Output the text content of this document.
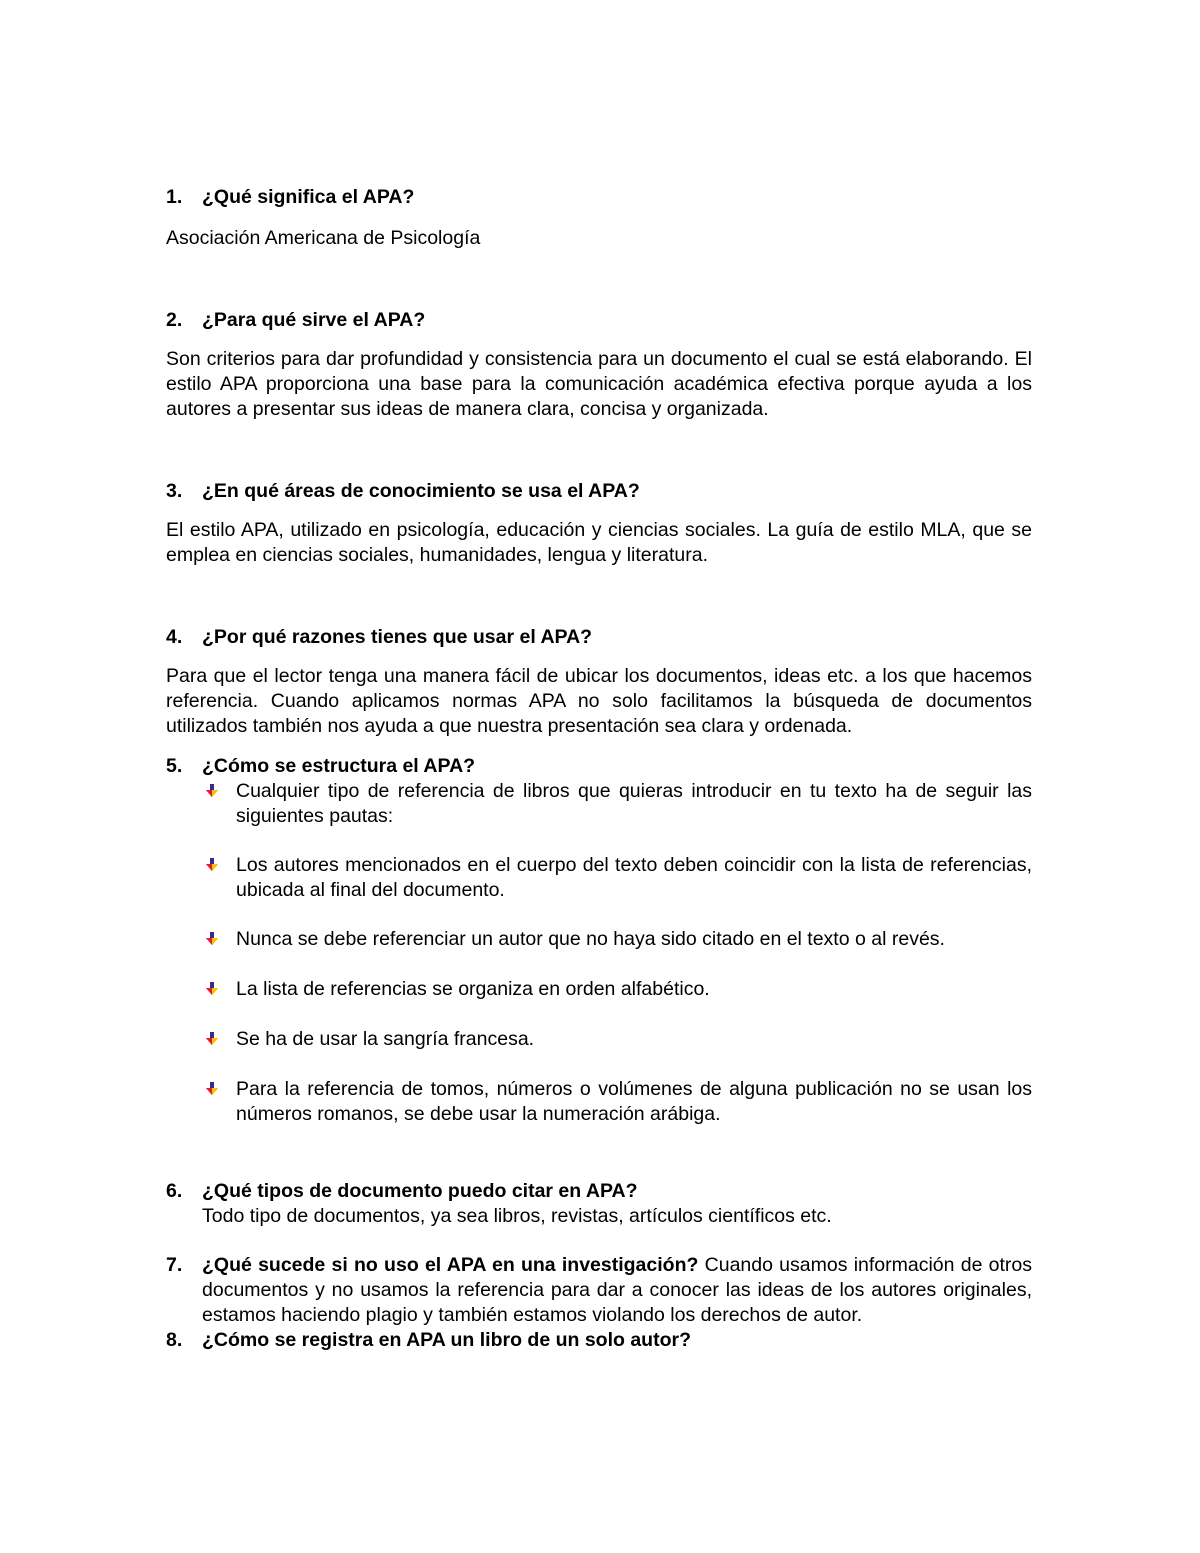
1.	¿Qué significa el APA?
Asociación Americana de Psicología
2.	¿Para qué sirve el APA?
Son criterios para dar profundidad y consistencia para un documento el cual se está elaborando. El estilo APA proporciona una base para la comunicación académica efectiva porque ayuda a los autores a presentar sus ideas de manera clara, concisa y organizada.
3.	¿En qué áreas de conocimiento se usa el APA?
El estilo APA, utilizado en psicología, educación y ciencias sociales. La guía de estilo MLA, que se emplea en ciencias sociales, humanidades, lengua y literatura.
4.	¿Por qué razones tienes que usar el APA?
Para que el lector tenga una manera fácil de ubicar los documentos, ideas etc. a los que hacemos referencia. Cuando aplicamos normas APA no solo facilitamos la búsqueda de documentos utilizados también nos ayuda a que nuestra presentación sea clara y ordenada.
5.	¿Cómo se estructura el APA?
Cualquier tipo de referencia de libros que quieras introducir en tu texto ha de seguir las siguientes pautas:
Los autores mencionados en el cuerpo del texto deben coincidir con la lista de referencias, ubicada al final del documento.
Nunca se debe referenciar un autor que no haya sido citado en el texto o al revés.
La lista de referencias se organiza en orden alfabético.
Se ha de usar la sangría francesa.
Para la referencia de tomos, números o volúmenes de alguna publicación no se usan los números romanos, se debe usar la numeración arábiga.
6.	¿Qué tipos de documento puedo citar en APA?
Todo tipo de documentos, ya sea libros, revistas, artículos científicos etc.
7.	¿Qué sucede si no uso el APA en una investigación? Cuando usamos información de otros documentos y no usamos la referencia para dar a conocer las ideas de los autores originales, estamos haciendo plagio y también estamos violando los derechos de autor.
8.	¿Cómo se registra en APA un libro de un solo autor?
